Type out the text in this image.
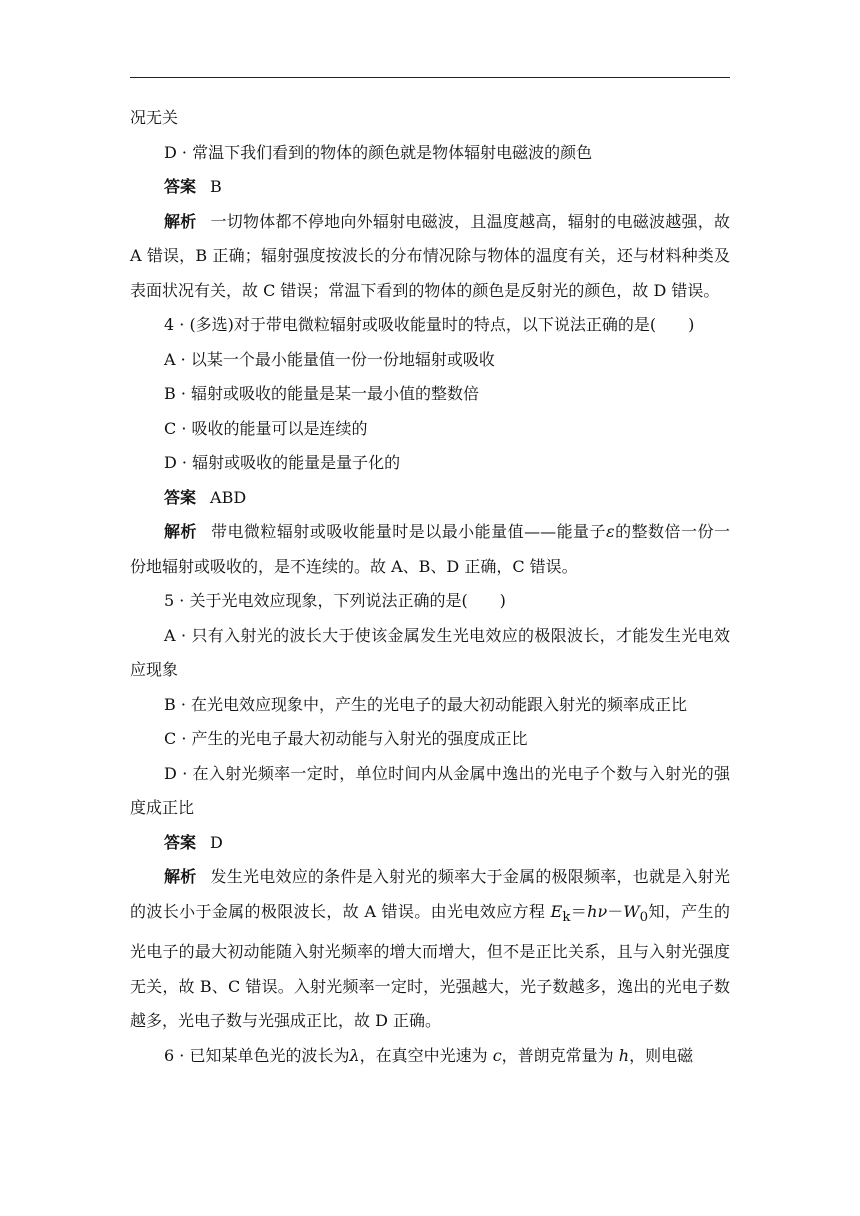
况无关
D · 常温下我们看到的物体的颜色就是物体辐射电磁波的颜色
答案 B
解析 一切物体都不停地向外辐射电磁波，且温度越高，辐射的电磁波越强，故 A 错误，B 正确；辐射强度按波长的分布情况除与物体的温度有关，还与材料种类及表面状况有关，故 C 错误；常温下看到的物体的颜色是反射光的颜色，故 D 错误。
4 · (多选)对于带电微粒辐射或吸收能量时的特点，以下说法正确的是(　　)
A · 以某一个最小能量值一份一份地辐射或吸收
B · 辐射或吸收的能量是某一最小值的整数倍
C · 吸收的能量可以是连续的
D · 辐射或吸收的能量是量子化的
答案 ABD
解析 带电微粒辐射或吸收能量时是以最小能量值——能量子ε的整数倍一份一份地辐射或吸收的，是不连续的。故 A、B、D 正确，C 错误。
5 · 关于光电效应现象，下列说法正确的是(　　)
A · 只有入射光的波长大于使该金属发生光电效应的极限波长，才能发生光电效应现象
B · 在光电效应现象中，产生的光电子的最大初动能跟入射光的频率成正比
C · 产生的光电子最大初动能与入射光的强度成正比
D · 在入射光频率一定时，单位时间内从金属中逸出的光电子个数与入射光的强度成正比
答案 D
解析 发生光电效应的条件是入射光的频率大于金属的极限频率，也就是入射光的波长小于金属的极限波长，故 A 错误。由光电效应方程 $E_k=h\nu-W_0$知，产生的光电子的最大初动能随入射光频率的增大而增大，但不是正比关系，且与入射光强度无关，故 B、C 错误。入射光频率一定时，光强越大，光子数越多，逸出的光电子数越多，光电子数与光强成正比，故 D 正确。
6 · 已知某单色光的波长为λ，在真空中光速为 c，普朗克常量为 h，则电磁
